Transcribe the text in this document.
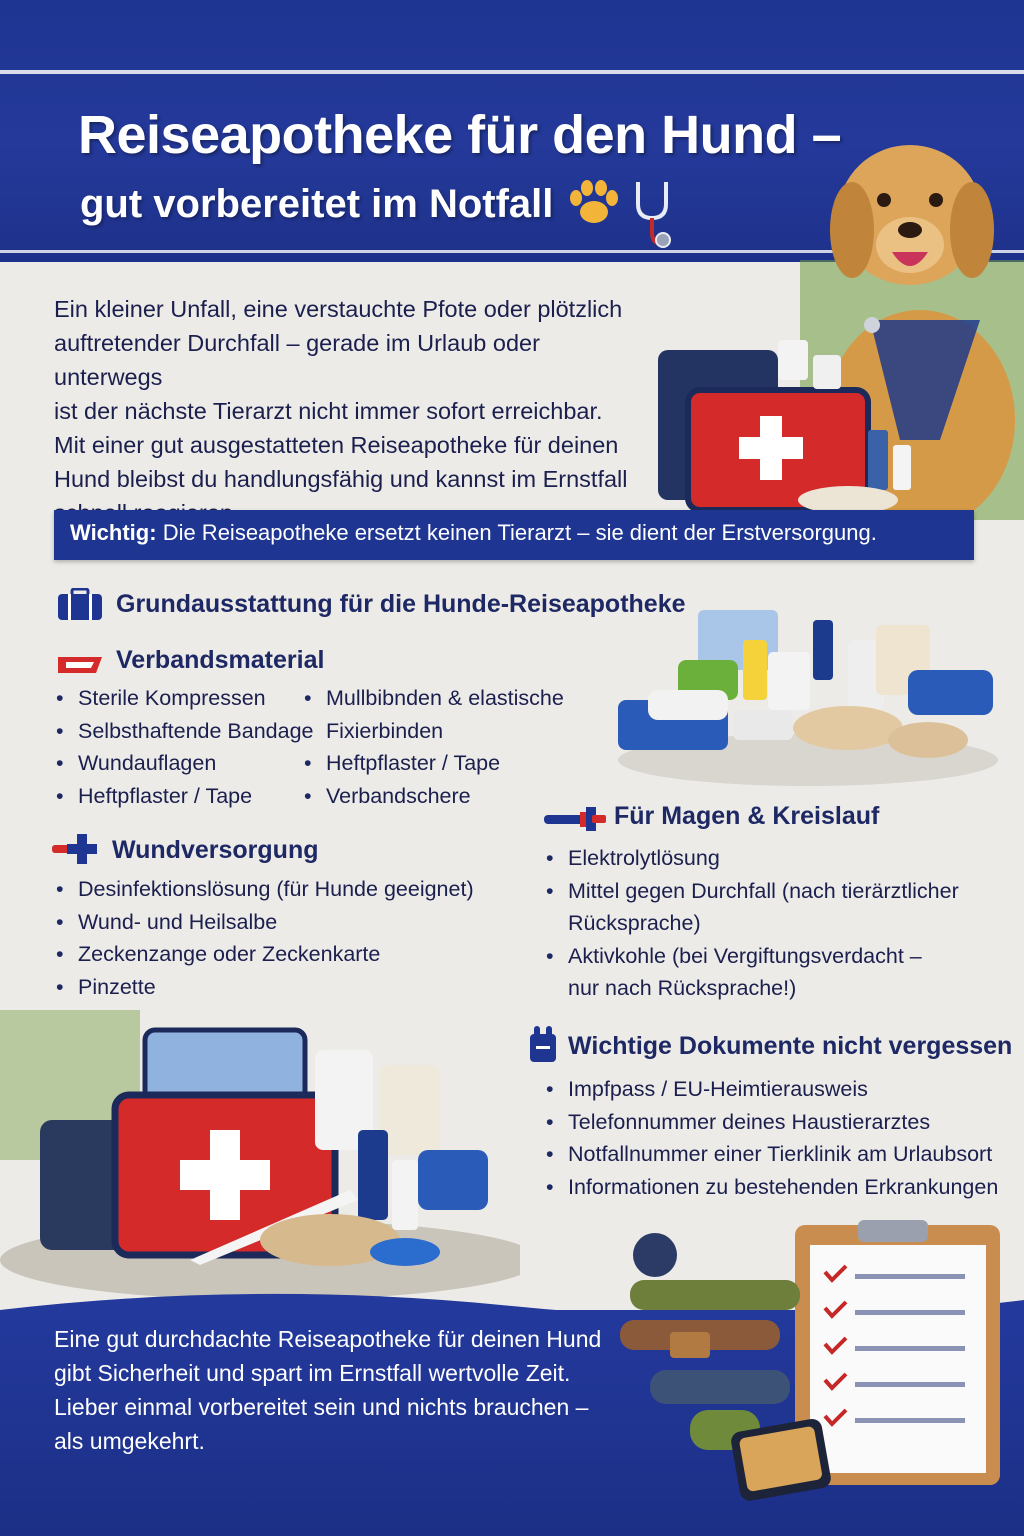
Reiseapotheke für den Hund –
gut vorbereitet im Notfall

Ein kleiner Unfall, eine verstauchte Pfote oder plötzlich
auftretender Durchfall – gerade im Urlaub oder unterwegs
ist der nächste Tierarzt nicht immer sofort erreichbar.
Mit einer gut ausgestatteten Reiseapotheke für deinen
Hund bleibst du handlungsfähig und kannst im Ernstfall

Wichtig: Die Reiseapotheke ersetzt keinen Tierarzt – sie dient der Erstversorgung.

Grundausstattung für die Hunde-Reiseapotheke
Verbandsmaterial
• Sterile Kompressen
• Selbsthaftende Bandage
• Wundauflagen
• Heftpflaster / Tape
• Mullbibnden & elastische
Fixierbinden
• Heftpflaster / Tape
• Verbandschere
Wundversorgung
• Desinfektionslösung (für Hunde geeignet)
• Wund- und Heilsalbe
• Zeckenzange oder Zeckenkarte
• Pinzette
Für Magen & Kreislauf
• Elektrolytlösung
• Mittel gegen Durchfall (nach tierärztlicher
Rücksprache)
• Aktivkohle (bei Vergiftungsverdacht –
nur nach Rücksprache!)
Wichtige Dokumente nicht vergessen
• Impfpass / EU-Heimtierausweis
• Telefonnummer deines Haustierarztes
• Notfallnummer einer Tierklinik am Urlaubsort
• Informationen zu bestehenden Erkrankungen

Eine gut durchdachte Reiseapotheke für deinen Hund
gibt Sicherheit und spart im Ernstfall wertvolle Zeit.
Lieber einmal vorbereitet sein und nichts brauchen –
als umgekehrt.
